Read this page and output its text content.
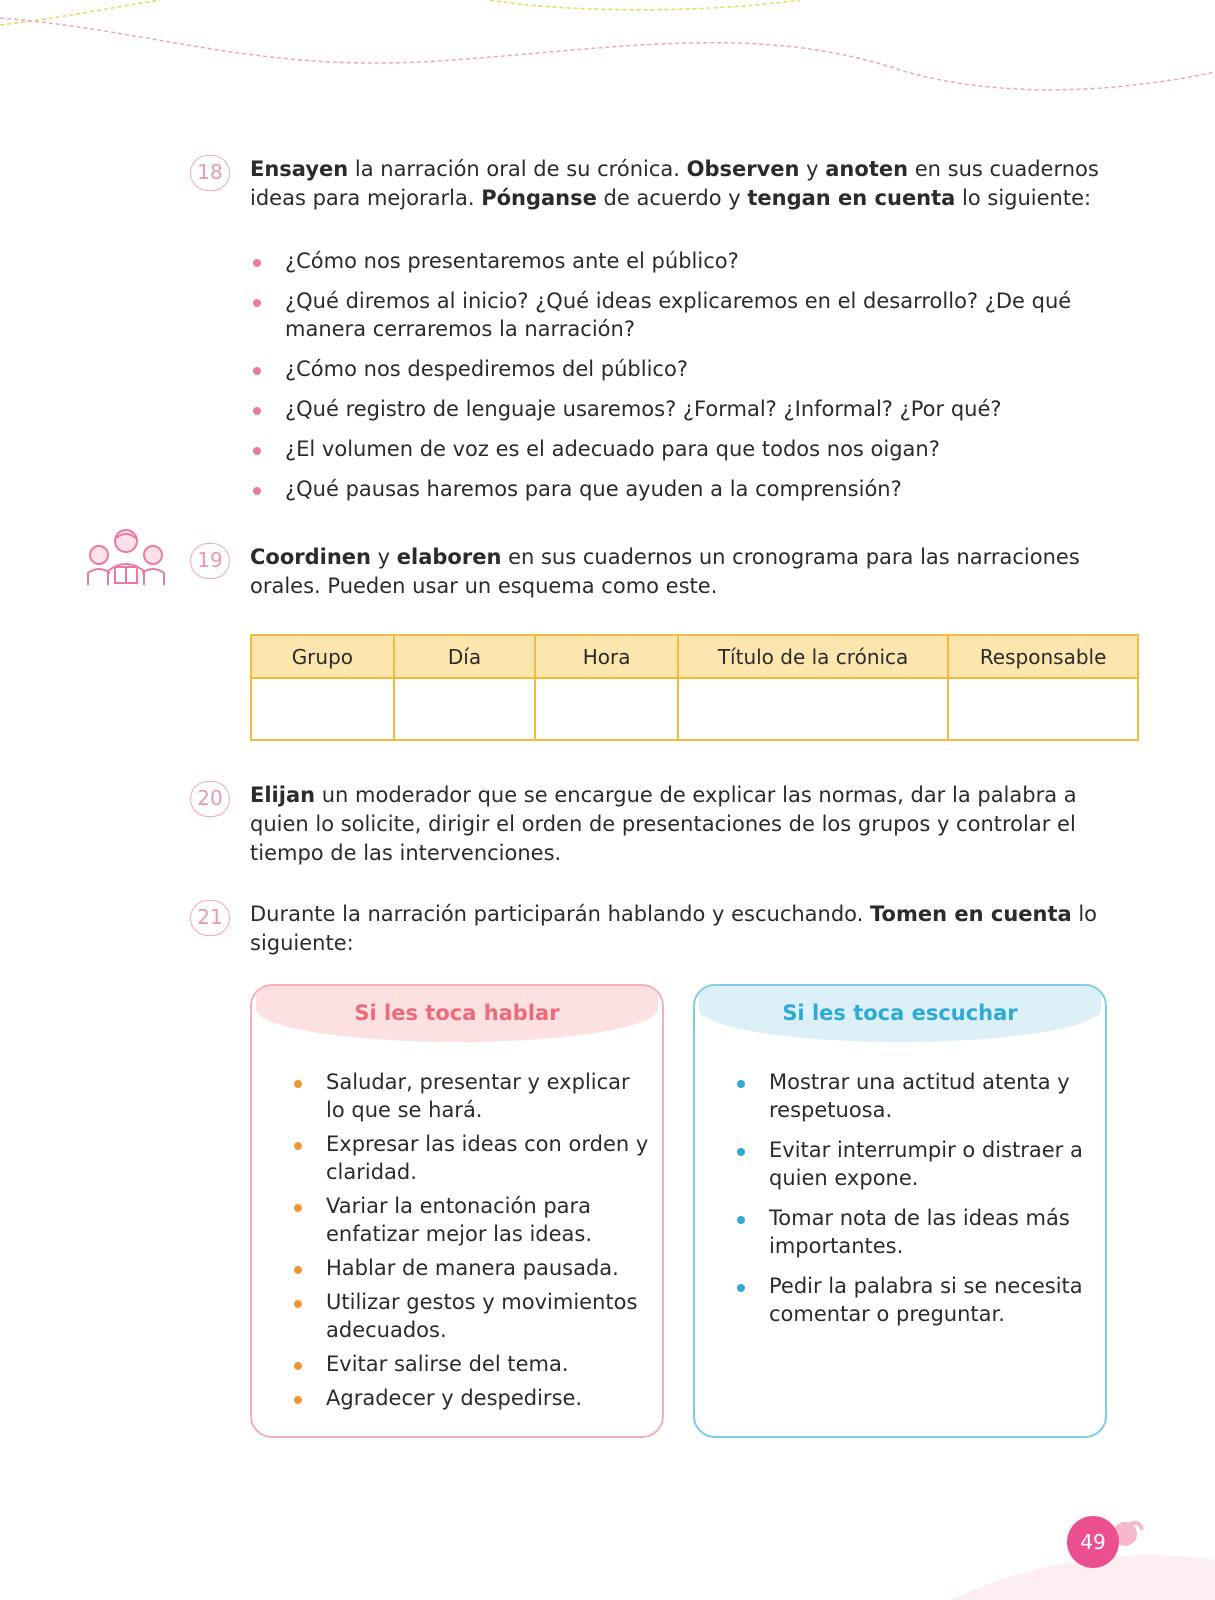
18	Ensayen la narración oral de su crónica. Observen y anoten en sus cuadernos ideas para mejorarla. Pónganse de acuerdo y tengan en cuenta lo siguiente:
¿Cómo nos presentaremos ante el público?
¿Qué diremos al inicio? ¿Qué ideas explicaremos en el desarrollo? ¿De qué manera cerraremos la narración?
¿Cómo nos despediremos del público?
¿Qué registro de lenguaje usaremos? ¿Formal? ¿Informal? ¿Por qué?
¿El volumen de voz es el adecuado para que todos nos oigan?
¿Qué pausas haremos para que ayuden a la comprensión?
19	Coordinen y elaboren en sus cuadernos un cronograma para las narraciones orales. Pueden usar un esquema como este.
Grupo	Día	Hora	Título de la crónica	Responsable

20	Elijan un moderador que se encargue de explicar las normas, dar la palabra a quien lo solicite, dirigir el orden de presentaciones de los grupos y controlar el tiempo de las intervenciones.
21	Durante la narración participarán hablando y escuchando. Tomen en cuenta lo siguiente:
Si les toca hablar
Saludar, presentar y explicar lo que se hará.
Expresar las ideas con orden y claridad.
Variar la entonación para enfatizar mejor las ideas.
Hablar de manera pausada.
Utilizar gestos y movimientos adecuados.
Evitar salirse del tema.
Agradecer y despedirse.
Si les toca escuchar
Mostrar una actitud atenta y respetuosa.
Evitar interrumpir o distraer a quien expone.
Tomar nota de las ideas más importantes.
Pedir la palabra si se necesita comentar o preguntar.
49
